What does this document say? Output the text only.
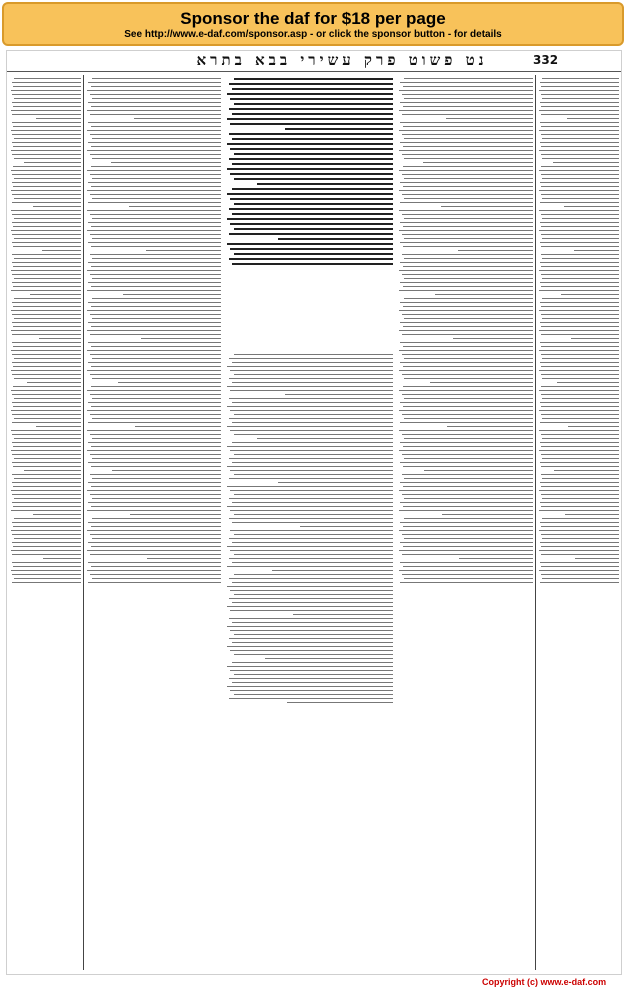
Sponsor the daf for $18 per page
See http://www.e-daf.com/sponsor.asp - or click the sponsor button - for details
332
נט פשוט פרק עשירי בבא בתרא
Copyright (c) www.e-daf.com
